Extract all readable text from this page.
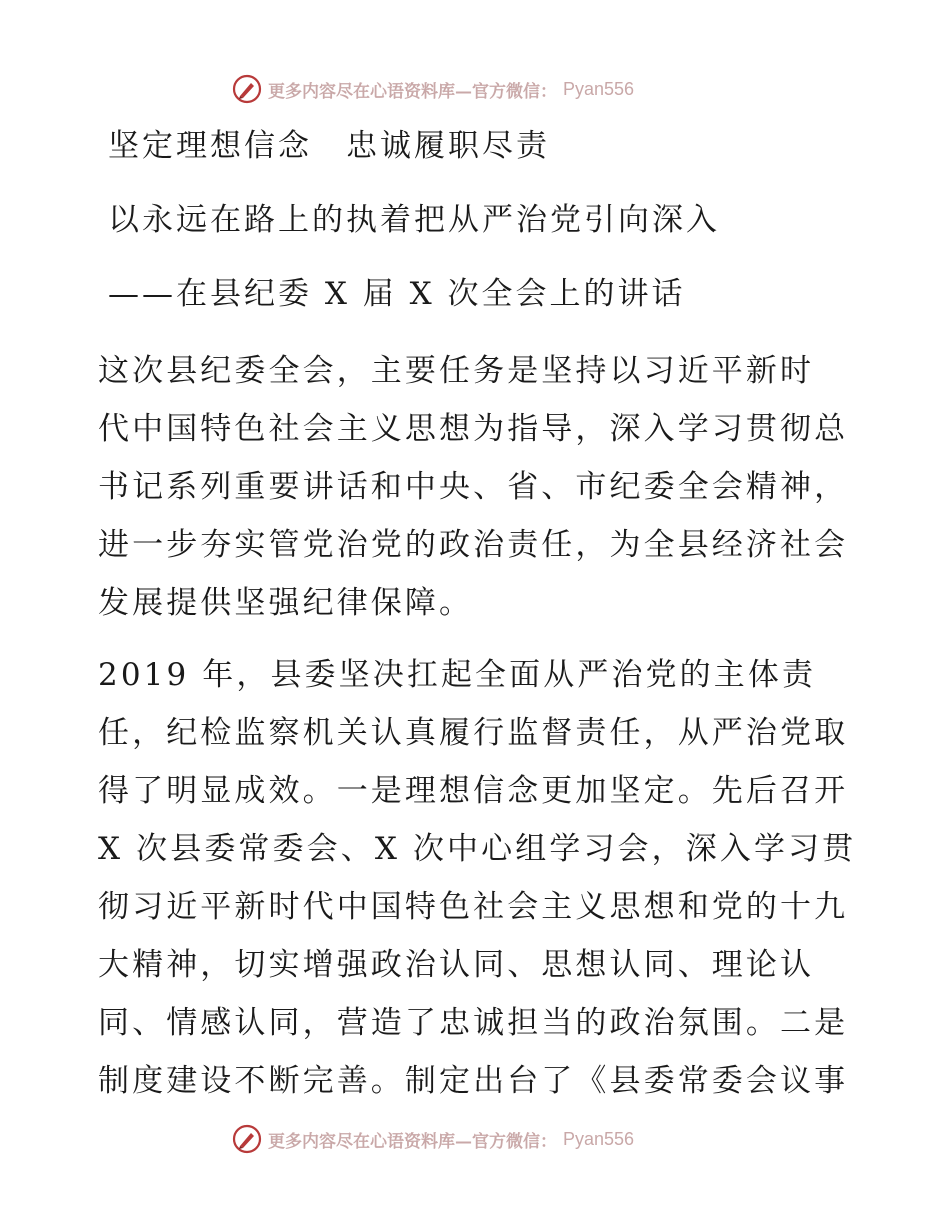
更多内容尽在心语资料库—官方微信： Pyan556
坚定理想信念　忠诚履职尽责
以永远在路上的执着把从严治党引向深入
——在县纪委 X 届 X 次全会上的讲话
这次县纪委全会，主要任务是坚持以习近平新时
代中国特色社会主义思想为指导，深入学习贯彻总
书记系列重要讲话和中央、省、市纪委全会精神，
进一步夯实管党治党的政治责任，为全县经济社会
发展提供坚强纪律保障。
2019 年，县委坚决扛起全面从严治党的主体责
任，纪检监察机关认真履行监督责任，从严治党取
得了明显成效。一是理想信念更加坚定。先后召开
X 次县委常委会、X 次中心组学习会，深入学习贯
彻习近平新时代中国特色社会主义思想和党的十九
大精神，切实增强政治认同、思想认同、理论认
同、情感认同，营造了忠诚担当的政治氛围。二是
制度建设不断完善。制定出台了《县委常委会议事
更多内容尽在心语资料库—官方微信： Pyan556
